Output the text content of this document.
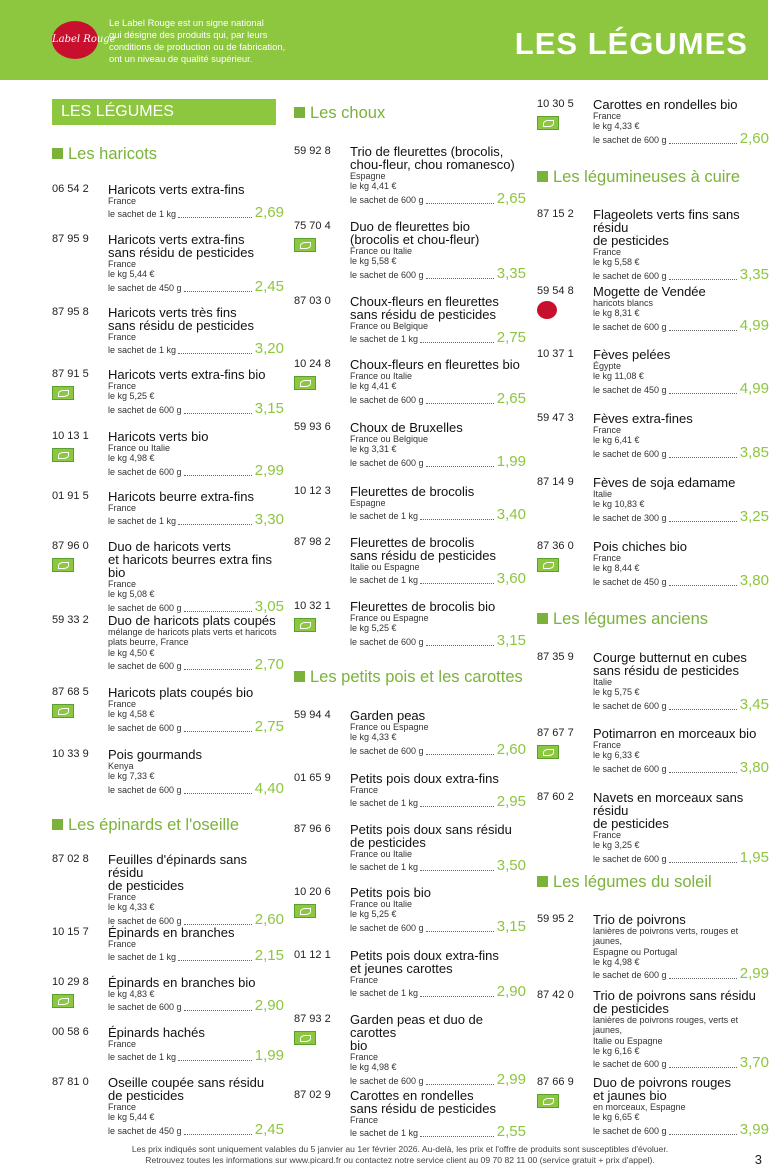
Label Rouge
Le Label Rouge est un signe national
qui désigne des produits qui, par leurs
conditions de production ou de fabrication,
ont un niveau de qualité supérieur.	LES LÉGUMES
LES LÉGUMES
Les haricots
06 54 2 Haricots verts extra-fins
France
le sachet de 1 kg	2,69
87 95 9 Haricots verts extra-fins
sans résidu de pesticides
France
le kg 5,44 €
le sachet de 450 g	2,45
87 95 8 Haricots verts très fins
sans résidu de pesticides
France
le sachet de 1 kg	3,20
87 91 5 Haricots verts extra-fins bio
France
le kg 5,25 €
le sachet de 600 g	3,15
10 13 1 Haricots verts bio
France ou Italie
le kg 4,98 €
le sachet de 600 g	2,99
01 91 5 Haricots beurre extra-fins
France
le sachet de 1 kg	3,30
87 96 0 Duo de haricots verts
et haricots beurres extra fins bio
France
le kg 5,08 €
le sachet de 600 g	3,05
59 33 2 Duo de haricots plats coupés
mélange de haricots plats verts et haricots
plats beurre, France
le kg 4,50 €
le sachet de 600 g	2,70
87 68 5 Haricots plats coupés bio
France
le kg 4,58 €
le sachet de 600 g	2,75
10 33 9 Pois gourmands
Kenya
le kg 7,33 €
le sachet de 600 g	4,40
Les épinards et l'oseille
87 02 8 Feuilles d'épinards sans résidu
de pesticides
France
le kg 4,33 €
le sachet de 600 g	2,60
10 15 7 Épinards en branches
France
le sachet de 1 kg	2,15
10 29 8 Épinards en branches bio
le kg 4,83 €
le sachet de 600 g	2,90
00 58 6 Épinards hachés
France
le sachet de 1 kg	1,99
87 81 0 Oseille coupée sans résidu
de pesticides
France
le kg 5,44 €
le sachet de 450 g	2,45
Les choux
59 92 8 Trio de fleurettes (brocolis,
chou-fleur, chou romanesco)
Espagne
le kg 4,41 €
le sachet de 600 g	2,65
75 70 4 Duo de fleurettes bio
(brocolis et chou-fleur)
France ou Italie
le kg 5,58 €
le sachet de 600 g	3,35
87 03 0 Choux-fleurs en fleurettes
sans résidu de pesticides
France ou Belgique
le sachet de 1 kg	2,75
10 24 8 Choux-fleurs en fleurettes bio
France ou Italie
le kg 4,41 €
le sachet de 600 g	2,65
59 93 6 Choux de Bruxelles
France ou Belgique
le kg 3,31 €
le sachet de 600 g	1,99
10 12 3 Fleurettes de brocolis
Espagne
le sachet de 1 kg	3,40
87 98 2 Fleurettes de brocolis
sans résidu de pesticides
Italie ou Espagne
le sachet de 1 kg	3,60
10 32 1 Fleurettes de brocolis bio
France ou Espagne
le kg 5,25 €
le sachet de 600 g	3,15
Les petits pois et les carottes
59 94 4 Garden peas
France ou Espagne
le kg 4,33 €
le sachet de 600 g	2,60
01 65 9 Petits pois doux extra-fins
France
le sachet de 1 kg	2,95
87 96 6 Petits pois doux sans résidu
de pesticides
France ou Italie
le sachet de 1 kg	3,50
10 20 6 Petits pois bio
France ou Italie
le kg 5,25 €
le sachet de 600 g	3,15
01 12 1 Petits pois doux extra-fins
et jeunes carottes
France
le sachet de 1 kg	2,90
87 93 2 Garden peas et duo de carottes
bio
France
le kg 4,98 €
le sachet de 600 g	2,99
87 02 9 Carottes en rondelles
sans résidu de pesticides
France
le sachet de 1 kg	2,55
10 30 5 Carottes en rondelles bio
France
le kg 4,33 €
le sachet de 600 g	2,60
Les légumineuses à cuire
87 15 2 Flageolets verts fins sans résidu
de pesticides
France
le kg 5,58 €
le sachet de 600 g	3,35
59 54 8 Mogette de Vendée
haricots blancs
le kg 8,31 €
le sachet de 600 g	4,99
10 37 1 Fèves pelées
Égypte
le kg 11,08 €
le sachet de 450 g	4,99
59 47 3 Fèves extra-fines
France
le kg 6,41 €
le sachet de 600 g	3,85
87 14 9 Fèves de soja edamame
Italie
le kg 10,83 €
le sachet de 300 g	3,25
87 36 0 Pois chiches bio
France
le kg 8,44 €
le sachet de 450 g	3,80
Les légumes anciens
87 35 9 Courge butternut en cubes
sans résidu de pesticides
Italie
le kg 5,75 €
le sachet de 600 g	3,45
87 67 7 Potimarron en morceaux bio
France
le kg 6,33 €
le sachet de 600 g	3,80
87 60 2 Navets en morceaux sans résidu
de pesticides
France
le kg 3,25 €
le sachet de 600 g	1,95
Les légumes du soleil
59 95 2 Trio de poivrons
lanières de poivrons verts, rouges et jaunes,
Espagne ou Portugal
le kg 4,98 €
le sachet de 600 g	2,99
87 42 0 Trio de poivrons sans résidu
de pesticides
lanières de poivrons rouges, verts et jaunes,
Italie ou Espagne
le kg 6,16 €
le sachet de 600 g	3,70
87 66 9 Duo de poivrons rouges
et jaunes bio
en morceaux, Espagne
le kg 6,65 €
le sachet de 600 g	3,99
Les prix indiqués sont uniquement valables du 5 janvier au 1er février 2026. Au-delà, les prix et l'offre de produits sont susceptibles d'évoluer.
Retrouvez toutes les informations sur www.picard.fr ou contactez notre service client au 09 70 82 11 00 (service gratuit + prix d'appel).	3
